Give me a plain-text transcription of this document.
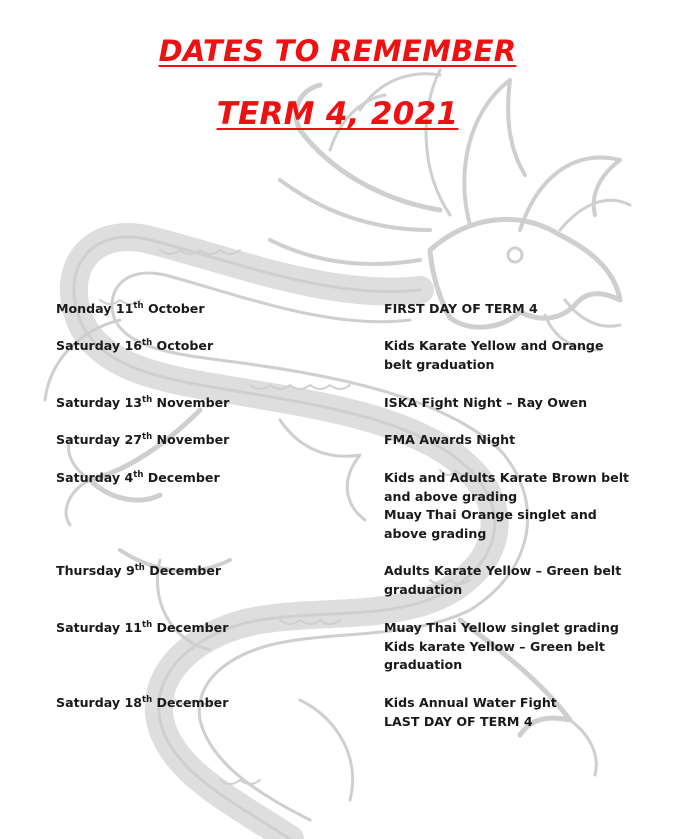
DATES TO REMEMBER
TERM 4, 2021
Monday 11th October	FIRST DAY OF TERM 4
Saturday 16th October	Kids Karate Yellow and Orange belt graduation
Saturday 13th November	ISKA Fight Night – Ray Owen
Saturday 27th November	FMA Awards Night
Saturday 4th December	Kids and Adults Karate Brown belt and above grading
Muay Thai Orange singlet and above grading
Thursday 9th December	Adults Karate Yellow – Green belt graduation
Saturday 11th December	Muay Thai Yellow singlet grading
Kids karate Yellow – Green belt graduation
Saturday 18th December	Kids Annual Water Fight
LAST DAY OF TERM 4
